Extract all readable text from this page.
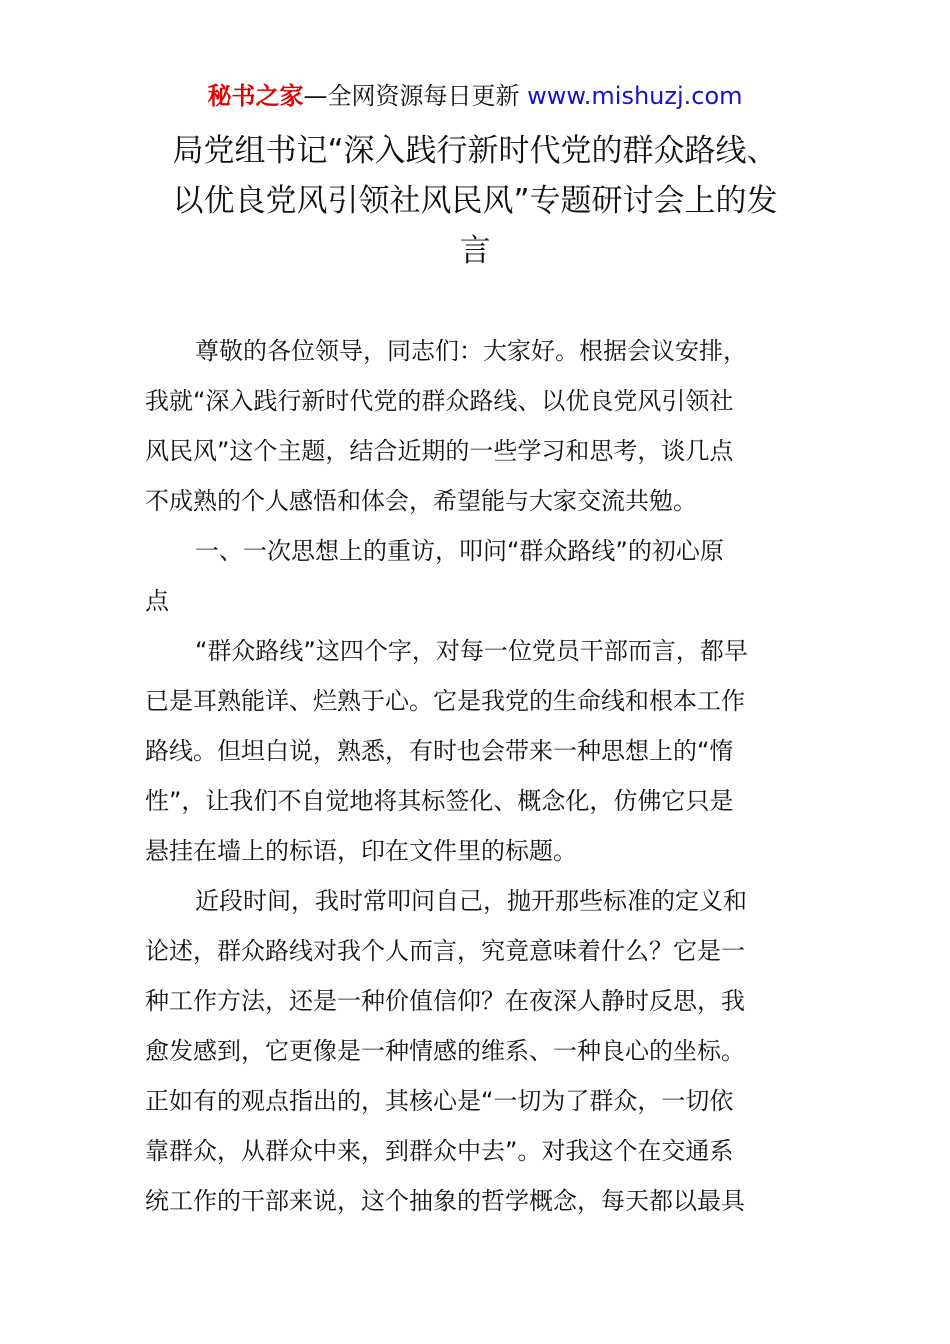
秘书之家—全网资源每日更新 www.mishuzj.com
局党组书记“深入践行新时代党的群众路线、
以优良党风引领社风民风”专题研讨会上的发
言
尊敬的各位领导，同志们：大家好。根据会议安排，
我就“深入践行新时代党的群众路线、以优良党风引领社
风民风”这个主题，结合近期的一些学习和思考，谈几点
不成熟的个人感悟和体会，希望能与大家交流共勉。
一、一次思想上的重访，叩问“群众路线”的初心原
点
“群众路线”这四个字，对每一位党员干部而言，都早
已是耳熟能详、烂熟于心。它是我党的生命线和根本工作
路线。但坦白说，熟悉，有时也会带来一种思想上的“惰
性”，让我们不自觉地将其标签化、概念化，仿佛它只是
悬挂在墙上的标语，印在文件里的标题。
近段时间，我时常叩问自己，抛开那些标准的定义和
论述，群众路线对我个人而言，究竟意味着什么？它是一
种工作方法，还是一种价值信仰？在夜深人静时反思，我
愈发感到，它更像是一种情感的维系、一种良心的坐标。
正如有的观点指出的，其核心是“一切为了群众，一切依
靠群众，从群众中来，到群众中去”。对我这个在交通系
统工作的干部来说，这个抽象的哲学概念，每天都以最具
